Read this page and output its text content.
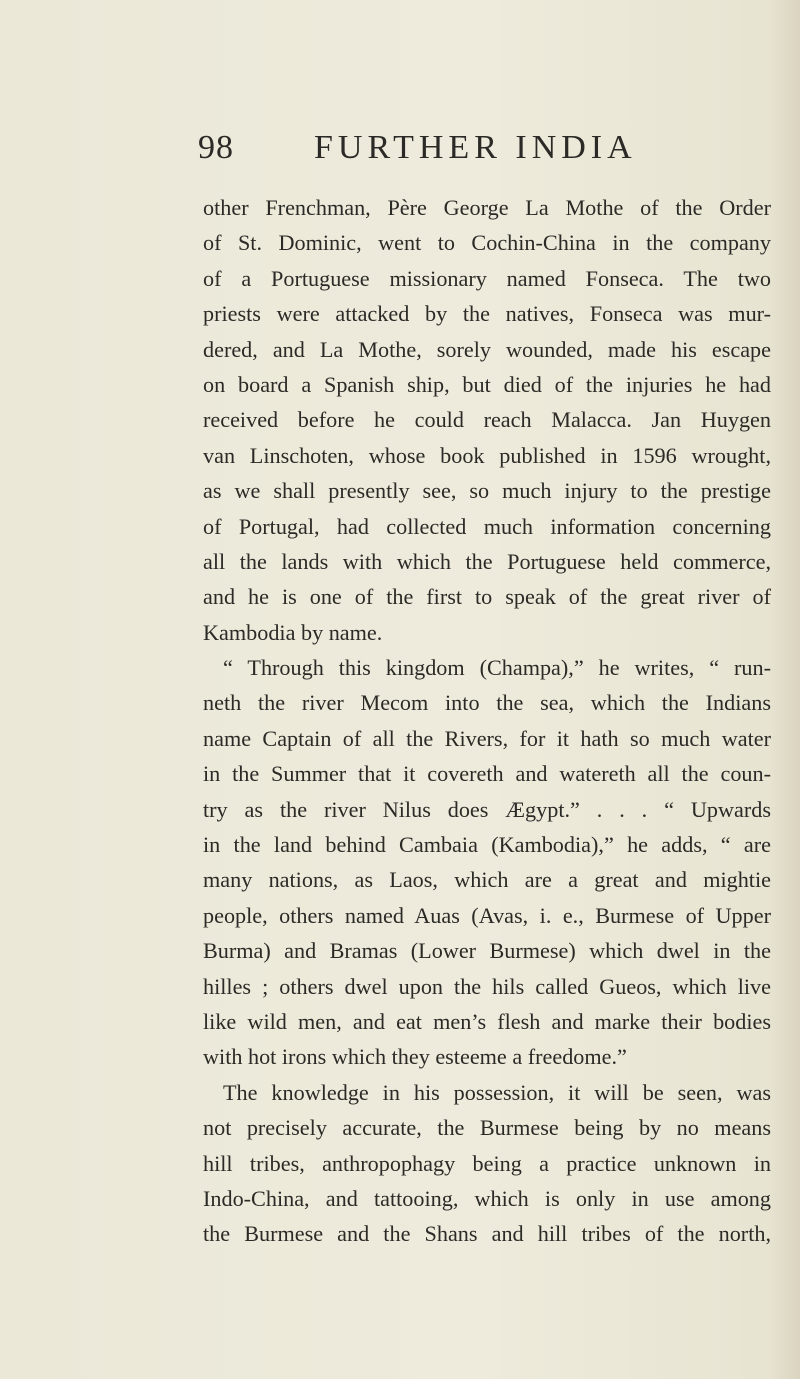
98 FURTHER INDIA
other Frenchman, Père George La Mothe of the Order
of St. Dominic, went to Cochin-China in the company
of a Portuguese missionary named Fonseca. The two
priests were attacked by the natives, Fonseca was mur-
dered, and La Mothe, sorely wounded, made his escape
on board a Spanish ship, but died of the injuries he had
received before he could reach Malacca. Jan Huygen
van Linschoten, whose book published in 1596 wrought,
as we shall presently see, so much injury to the prestige
of Portugal, had collected much information concerning
all the lands with which the Portuguese held commerce,
and he is one of the first to speak of the great river of
Kambodia by name.
“ Through this kingdom (Champa),” he writes, “ run-
neth the river Mecom into the sea, which the Indians
name Captain of all the Rivers, for it hath so much water
in the Summer that it covereth and watereth all the coun-
try as the river Nilus does Ægypt.” . . . “ Upwards
in the land behind Cambaia (Kambodia),” he adds, “ are
many nations, as Laos, which are a great and mightie
people, others named Auas (Avas, i. e., Burmese of Upper
Burma) and Bramas (Lower Burmese) which dwel in the
hilles ; others dwel upon the hils called Gueos, which live
like wild men, and eat men’s flesh and marke their bodies
with hot irons which they esteeme a freedome.”
The knowledge in his possession, it will be seen, was
not precisely accurate, the Burmese being by no means
hill tribes, anthropophagy being a practice unknown in
Indo-China, and tattooing, which is only in use among
the Burmese and the Shans and hill tribes of the north,
